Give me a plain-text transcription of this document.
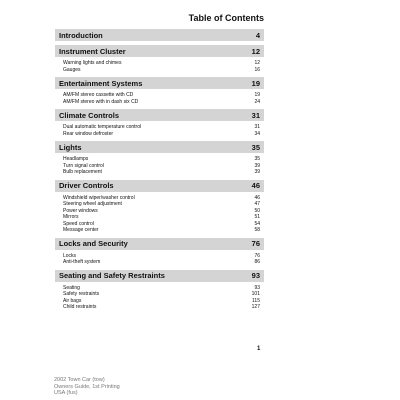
Table of Contents
Introduction	4
Instrument Cluster	12
Warning lights and chimes	12
Gauges	16
Entertainment Systems	19
AM/FM stereo cassette with CD	19
AM/FM stereo with in dash six CD	24
Climate Controls	31
Dual automatic temperature control	31
Rear window defroster	34
Lights	35
Headlamps	35
Turn signal control	39
Bulb replacement	39
Driver Controls	46
Windshield wiper/washer control	46
Steering wheel adjustment	47
Power windows	50
Mirrors	51
Speed control	54
Message center	58
Locks and Security	76
Locks	76
Anti-theft system	86
Seating and Safety Restraints	93
Seating	93
Safety restraints	101
Air bags	115
Child restraints	127
1
2002 Town Car (tow)
Owners Guide, 1st Printing
USA (fus)
